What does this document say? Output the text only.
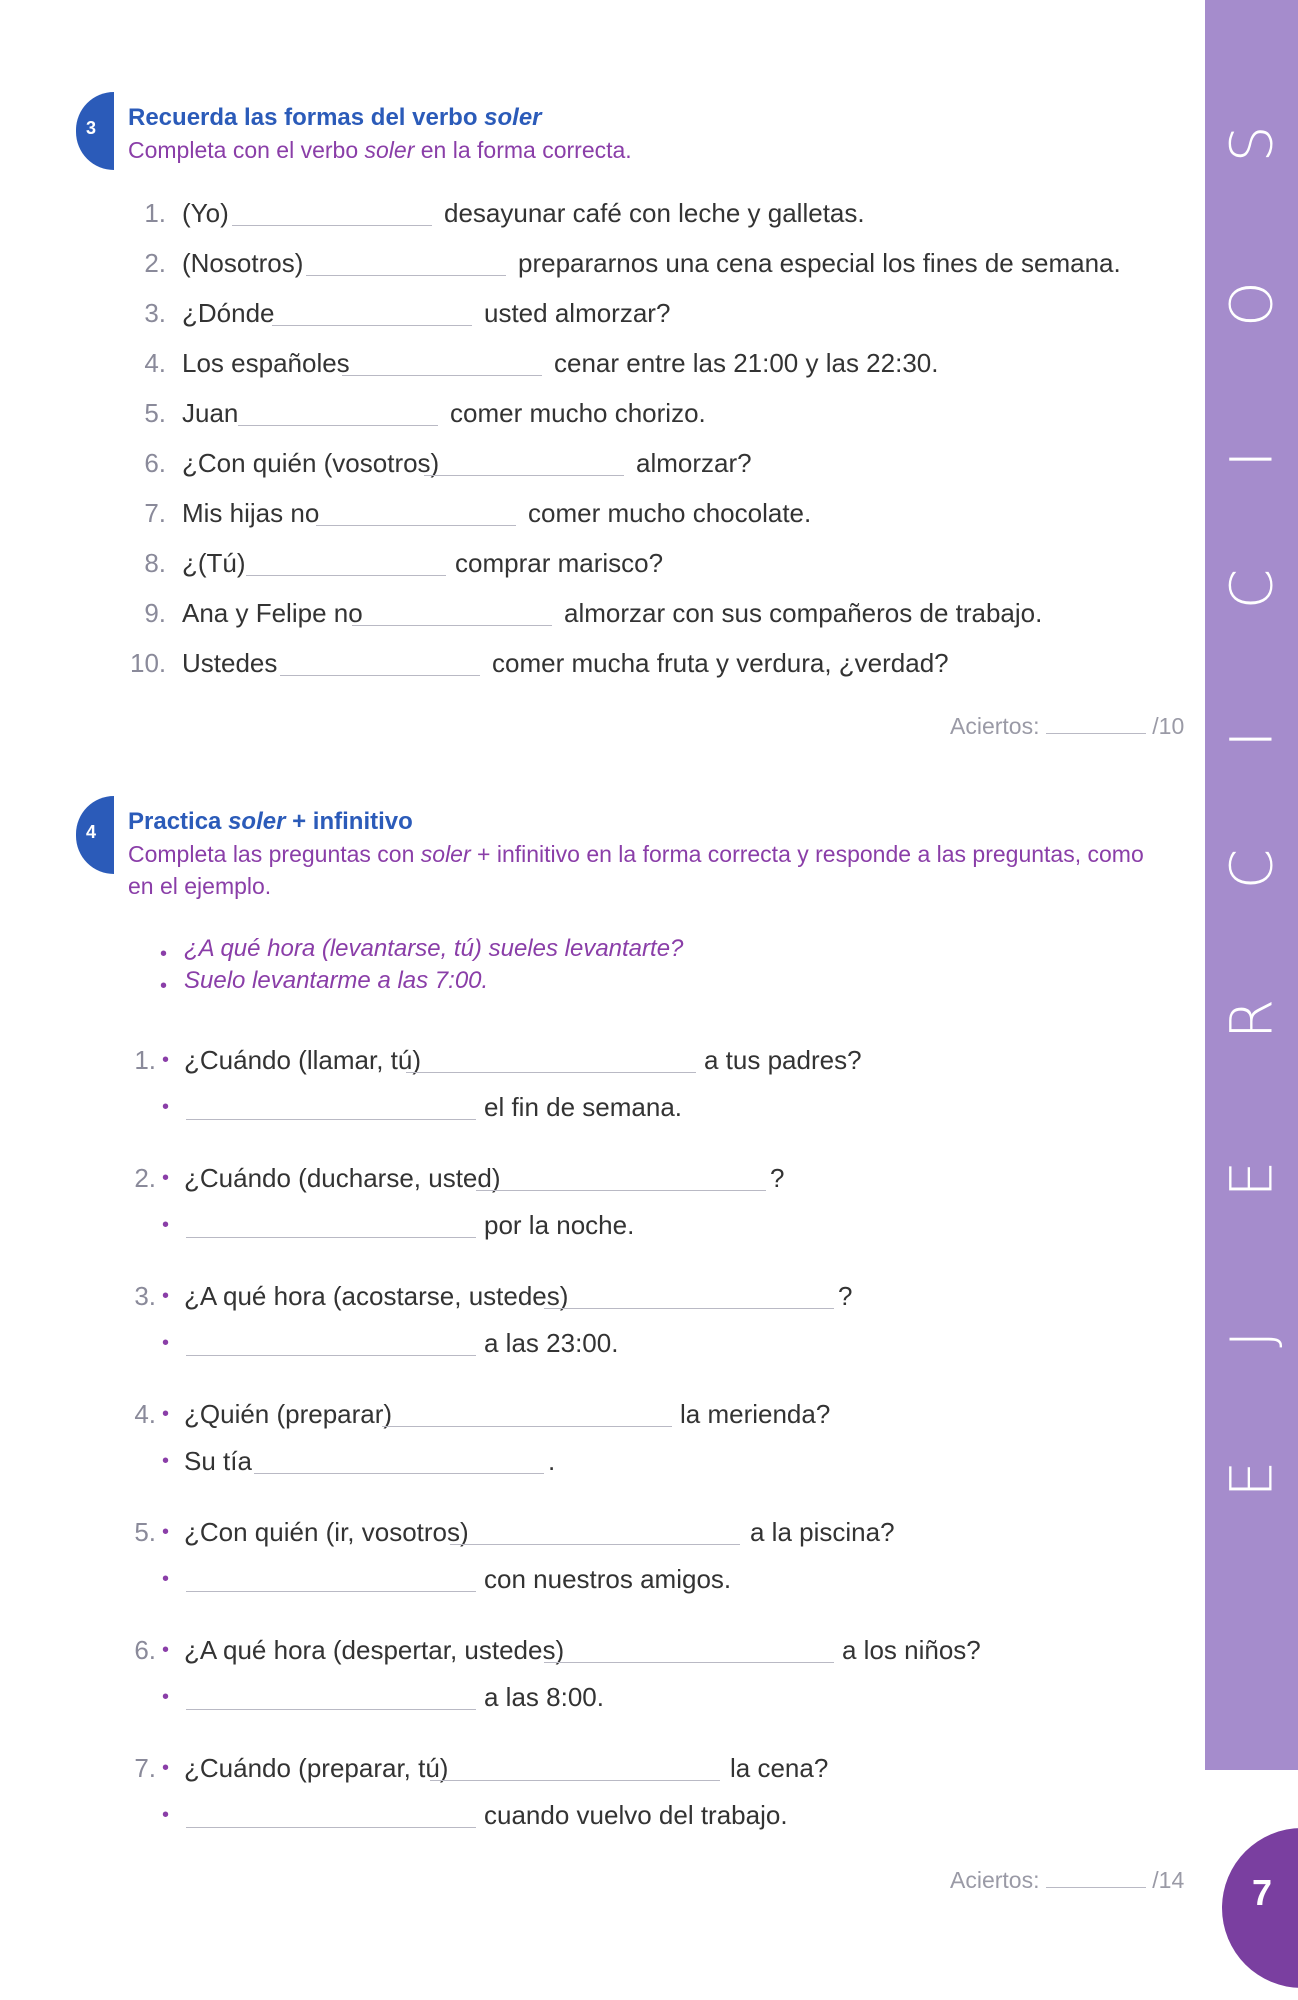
E
J
E
R
C
I
C
I
O
S
7
3 Recuerda las formas del verbo soler
Completa con el verbo soler en la forma correcta.
1. (Yo)	desayunar café con leche y galletas.
2. (Nosotros)	prepararnos una cena especial los fines de semana.
3. ¿Dónde	usted almorzar?
4. Los españoles	cenar entre las 21:00 y las 22:30.
5. Juan	comer mucho chorizo.
6. ¿Con quién (vosotros)	almorzar?
7. Mis hijas no	comer mucho chocolate.
8. ¿(Tú)	comprar marisco?
9. Ana y Felipe no	almorzar con sus compañeros de trabajo.
10. Ustedes	comer mucha fruta y verdura, ¿verdad?
Aciertos:	/10
4 Practica soler + infinitivo
Completa las preguntas con soler + infinitivo en la forma correcta y responde a las preguntas, como en el ejemplo.
• ¿A qué hora (levantarse, tú) sueles levantarte?
• Suelo levantarme a las 7:00.
1. • ¿Cuándo (llamar, tú)	a tus padres?
•	el fin de semana.
2. • ¿Cuándo (ducharse, usted)	?
•	por la noche.
3. • ¿A qué hora (acostarse, ustedes)	?
•	a las 23:00.
4. • ¿Quién (preparar)	la merienda?
• Su tía	.
5. • ¿Con quién (ir, vosotros)	a la piscina?
•	con nuestros amigos.
6. • ¿A qué hora (despertar, ustedes)	a los niños?
•	a las 8:00.
7. • ¿Cuándo (preparar, tú)	la cena?
•	cuando vuelvo del trabajo.
Aciertos:	/14
